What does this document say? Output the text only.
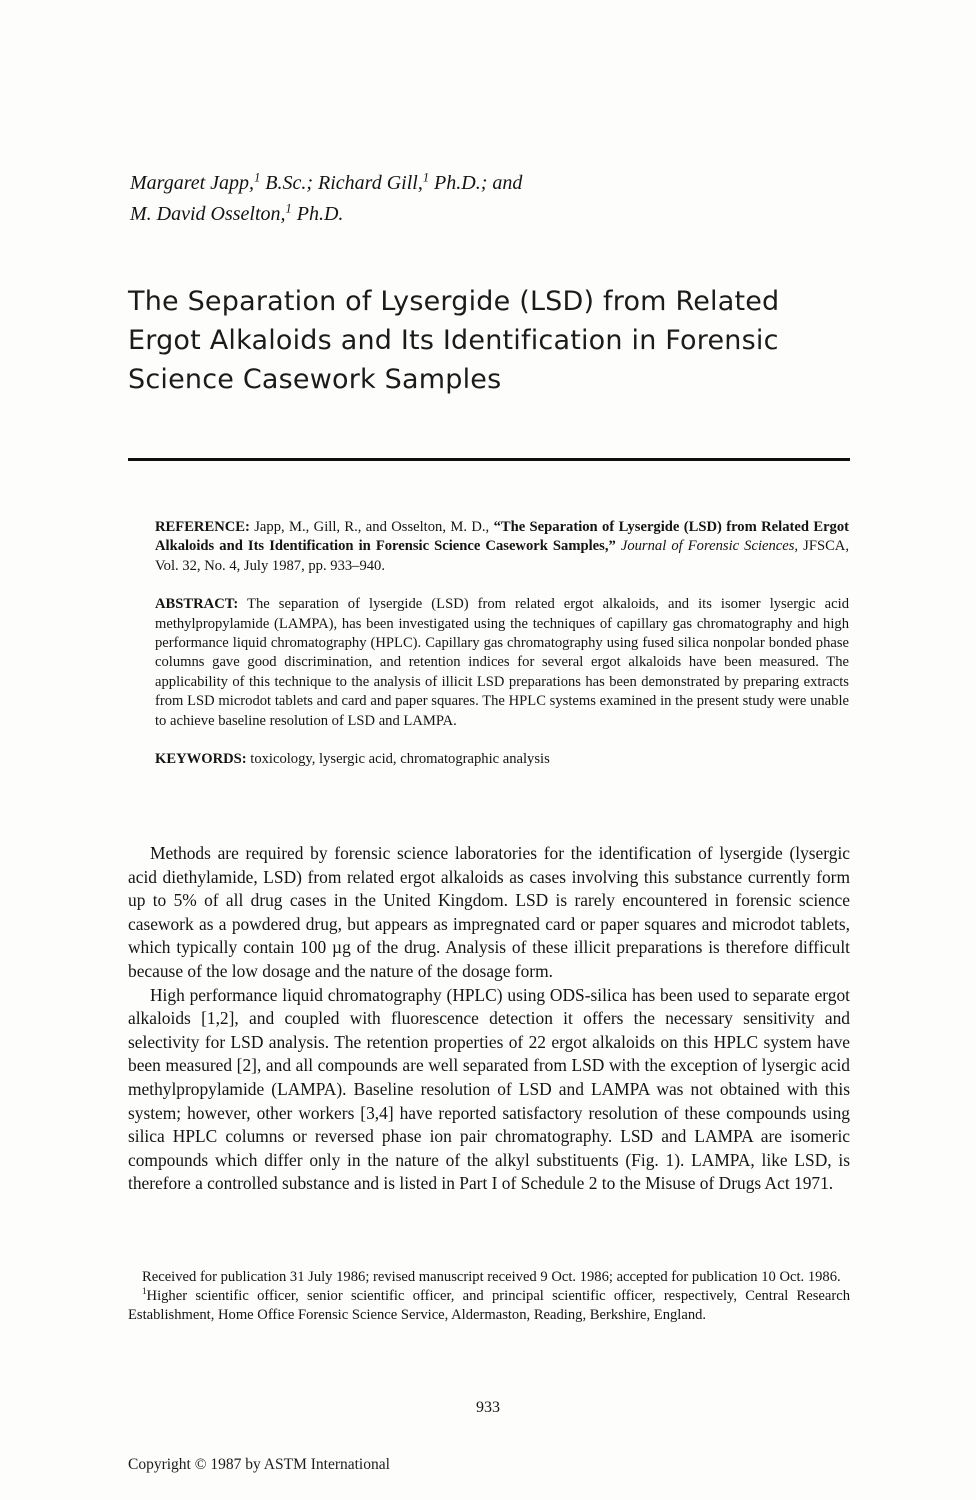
Margaret Japp,$^1$ B.Sc.; Richard Gill,$^1$ Ph.D.; and
M. David Osselton,$^1$ Ph.D.
The Separation of Lysergide (LSD) from Related Ergot Alkaloids and Its Identification in Forensic Science Casework Samples

REFERENCE: Japp, M., Gill, R., and Osselton, M. D., “The Separation of Lysergide (LSD) from Related Ergot Alkaloids and Its Identification in Forensic Science Casework Samples,” Journal of Forensic Sciences, JFSCA, Vol. 32, No. 4, July 1987, pp. 933–940.

ABSTRACT: The separation of lysergide (LSD) from related ergot alkaloids, and its isomer lysergic acid methylpropylamide (LAMPA), has been investigated using the techniques of capillary gas chromatography and high performance liquid chromatography (HPLC). Capillary gas chromatography using fused silica nonpolar bonded phase columns gave good discrimination, and retention indices for several ergot alkaloids have been measured. The applicability of this technique to the analysis of illicit LSD preparations has been demonstrated by preparing extracts from LSD microdot tablets and card and paper squares. The HPLC systems examined in the present study were unable to achieve baseline resolution of LSD and LAMPA.

KEYWORDS: toxicology, lysergic acid, chromatographic analysis

Methods are required by forensic science laboratories for the identification of lysergide (lysergic acid diethylamide, LSD) from related ergot alkaloids as cases involving this substance currently form up to 5% of all drug cases in the United Kingdom. LSD is rarely encountered in forensic science casework as a powdered drug, but appears as impregnated card or paper squares and microdot tablets, which typically contain 100 µg of the drug. Analysis of these illicit preparations is therefore difficult because of the low dosage and the nature of the dosage form.

High performance liquid chromatography (HPLC) using ODS-silica has been used to separate ergot alkaloids [1,2], and coupled with fluorescence detection it offers the necessary sensitivity and selectivity for LSD analysis. The retention properties of 22 ergot alkaloids on this HPLC system have been measured [2], and all compounds are well separated from LSD with the exception of lysergic acid methylpropylamide (LAMPA). Baseline resolution of LSD and LAMPA was not obtained with this system; however, other workers [3,4] have reported satisfactory resolution of these compounds using silica HPLC columns or reversed phase ion pair chromatography. LSD and LAMPA are isomeric compounds which differ only in the nature of the alkyl substituents (Fig. 1). LAMPA, like LSD, is therefore a controlled substance and is listed in Part I of Schedule 2 to the Misuse of Drugs Act 1971.

Received for publication 31 July 1986; revised manuscript received 9 Oct. 1986; accepted for publication 10 Oct. 1986.

$^1$Higher scientific officer, senior scientific officer, and principal scientific officer, respectively, Central Research Establishment, Home Office Forensic Science Service, Aldermaston, Reading, Berkshire, England.

933
Copyright © 1987 by ASTM International
